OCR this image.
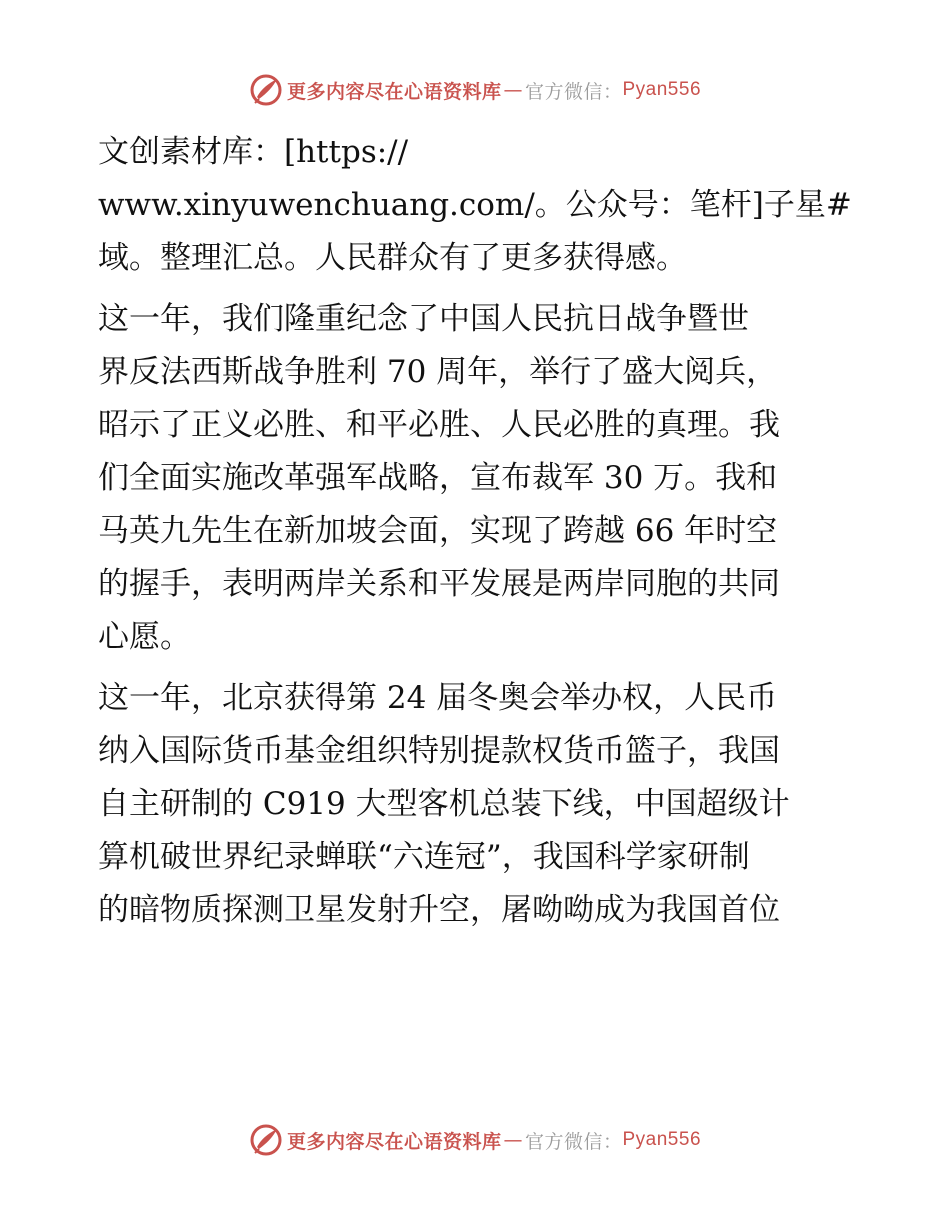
更多内容尽在心语资料库 — 官方微信： Pyan556

文创素材库：[https://
www.xinyuwenchuang.com/。公众号：笔杆]子星#
域。整理汇总。人民群众有了更多获得感。

这一年，我们隆重纪念了中国人民抗日战争暨世
界反法西斯战争胜利 70 周年，举行了盛大阅兵，
昭示了正义必胜、和平必胜、人民必胜的真理。我
们全面实施改革强军战略，宣布裁军 30 万。我和
马英九先生在新加坡会面，实现了跨越 66 年时空
的握手，表明两岸关系和平发展是两岸同胞的共同
心愿。

这一年，北京获得第 24 届冬奥会举办权，人民币
纳入国际货币基金组织特别提款权货币篮子，我国
自主研制的 C919 大型客机总装下线，中国超级计
算机破世界纪录蝉联“六连冠”，我国科学家研制
的暗物质探测卫星发射升空，屠呦呦成为我国首位

更多内容尽在心语资料库 — 官方微信： Pyan556
